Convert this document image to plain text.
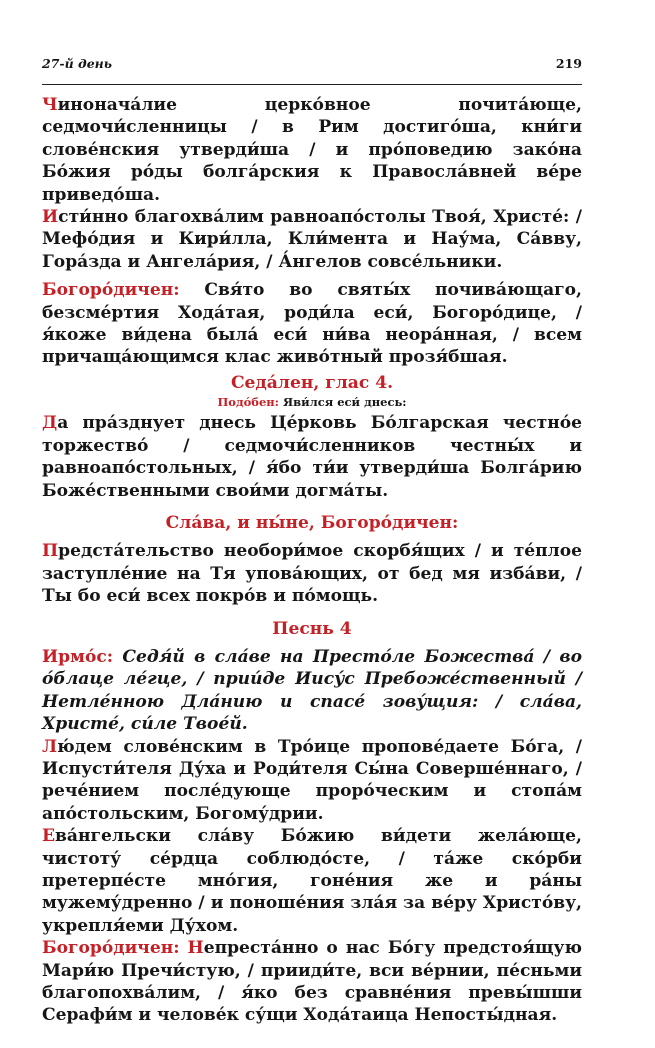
27-й день	219

Чинонача́лие церко́вное почита́юще, седмочи́сленницы / в Рим достиго́ша, кни́ги слове́нския утверди́ша / и про́поведию зако́на Бо́жия ро́ды болга́рския к Правосла́вней ве́ре приведо́ша.

Исти́нно благохва́лим равноапо́столы Твоя́, Христе́: / Мефо́дия и Кири́лла, Кли́мента и Нау́ма, Са́вву, Гора́зда и Ангела́рия, / А́нгелов совсе́льники.

Богоро́дичен: Свя́то во святы́х почива́ющаго, безсме́ртия Хода́тая, роди́ла еси́, Богоро́дице, / я́коже ви́дена была́ еси́ ни́ва неора́нная, / всем причаща́ющимся клас живо́тный прозя́бшая.

Седа́лен, глас 4.
Подо́бен: Яви́лся еси́ днесь:

Да пра́зднует днесь Це́рковь Бо́лгарская честно́е торжество́ / седмочи́сленников честны́х и равноапо́стольных, / я́бо ти́и утверди́ша Болга́рию Боже́ственными свои́ми догма́ты.

Сла́ва, и ны́не, Богоро́дичен:

Предста́тельство необори́мое скорбя́щих / и те́плое заступле́ние на Тя упова́ющих, от бед мя изба́ви, / Ты бо еси́ всех покро́в и по́мощь.

Песнь 4

Ирмо́с: Седя́й в сла́ве на Престо́ле Божества́ / во о́блаце ле́гце, / прии́де Иису́с Пребоже́ственный / Нетле́нною Дла́нию и спасе́ зову́щия: / сла́ва, Христе́, си́ле Твое́й.

Лю́дем слове́нским в Тро́ице пропове́даете Бо́га, / Испусти́теля Ду́ха и Роди́теля Сы́на Соверше́ннаго, / рече́нием после́дующе проро́ческим и стопа́м апо́стольским, Богому́дрии.

Ева́нгельски сла́ву Бо́жию ви́дети жела́юще, чистоту́ се́рдца соблюдо́сте, / та́же ско́рби претерпе́сте мно́гия, гоне́ния же и ра́ны мужему́дренно / и поноше́ния зла́я за ве́ру Христо́ву, укрепля́еми Ду́хом.

Богоро́дичен: Непреста́нно о нас Бо́гу предстоя́щую Мари́ю Пречи́стую, / прииди́те, вси ве́рнии, пе́сньми благопохва́лим, / я́ко без сравне́ния превы́шши Серафи́м и челове́к су́щи Хода́таица Непосты́дная.
